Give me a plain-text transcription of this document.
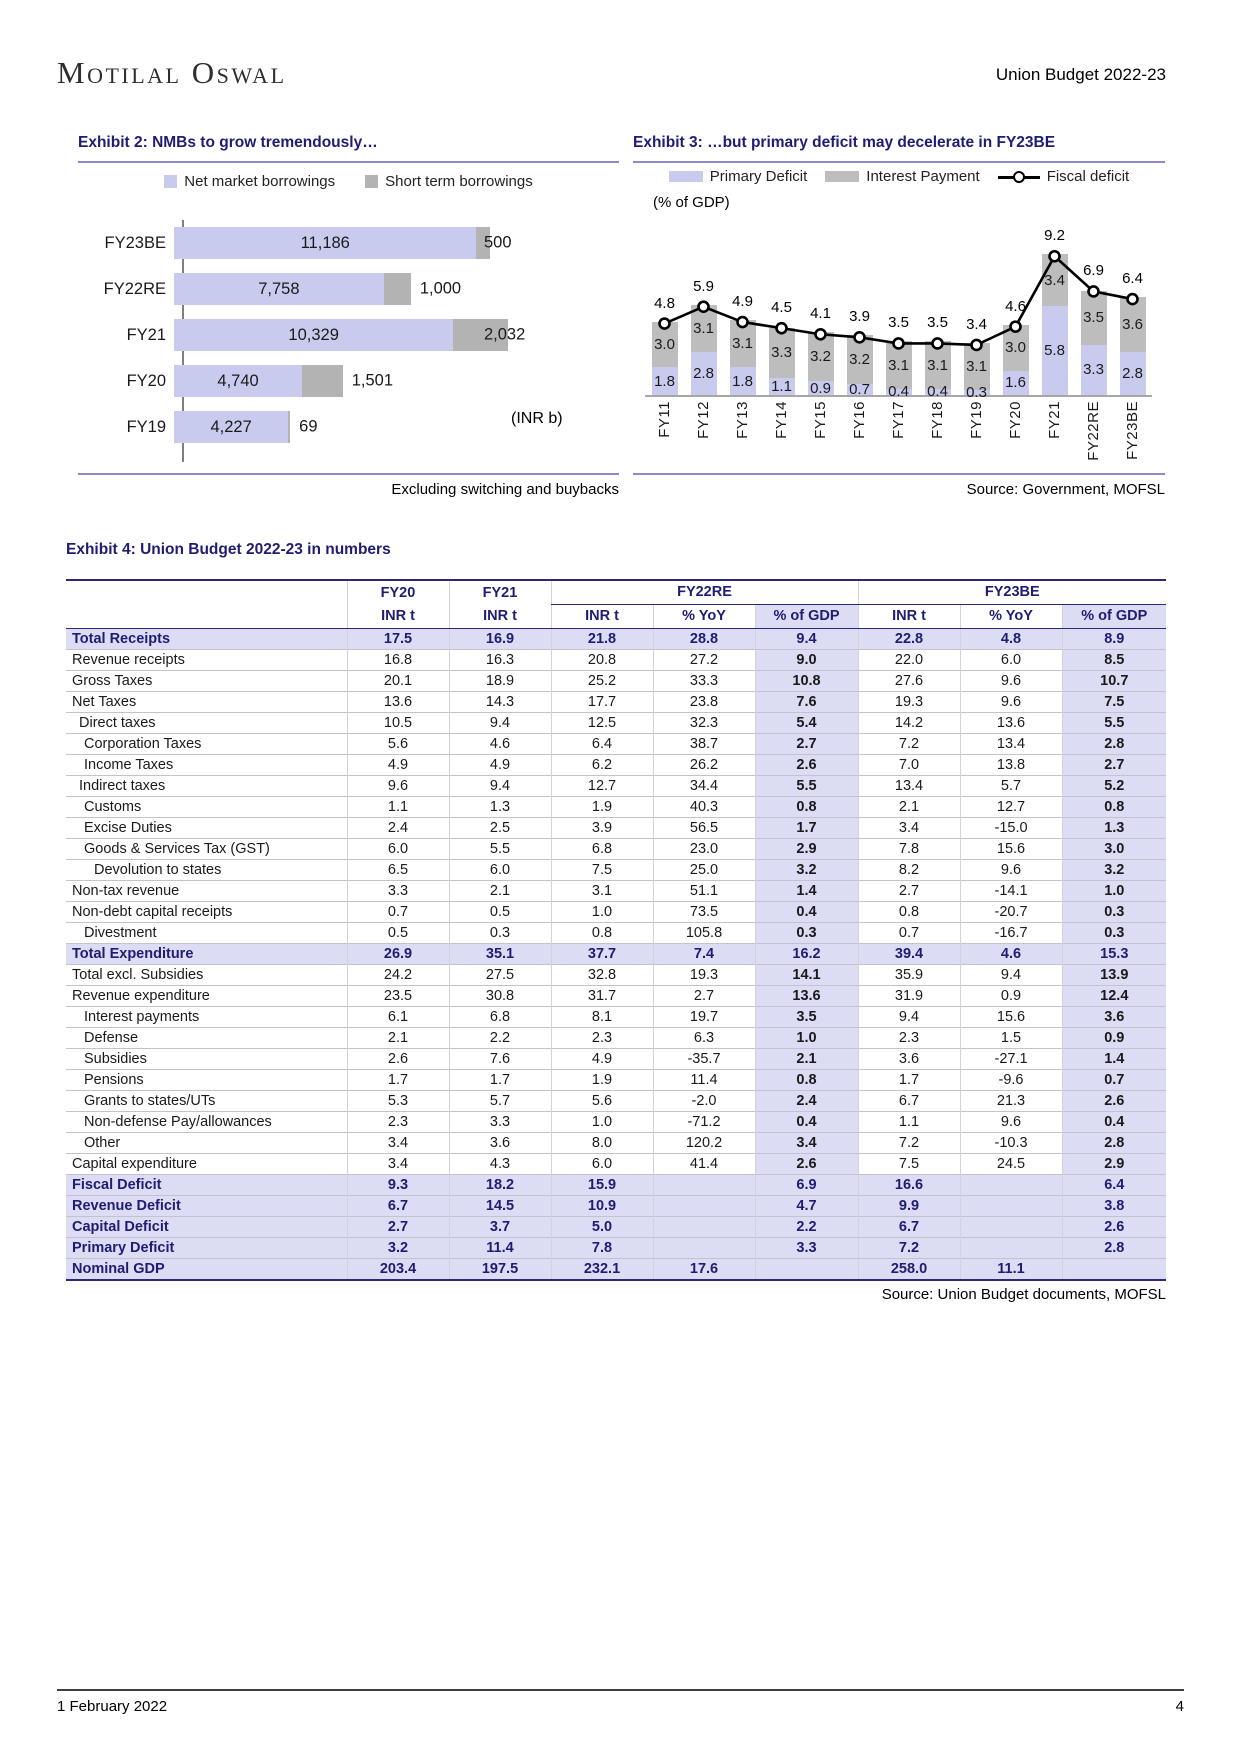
Motilal Oswal	Union Budget 2022-23
Exhibit 2: NMBs to grow tremendously…
Net market borrowings	Short term borrowings
(INR b)
FY23BE	11,186	500
FY22RE	7,758	1,000
FY21	10,329	2,032
FY20	4,740	1,501
FY19	4,227	69
Excluding switching and buybacks
Exhibit 3: …but primary deficit may decelerate in FY23BE
Primary Deficit	Interest Payment	Fiscal deficit
(% of GDP)
3.0
1.8
4.8
3.1
2.8
5.9
3.1
1.8
4.9
3.3
1.1
4.5
3.2
0.9
4.1
3.2
0.7
3.9
3.1
0.4
3.5
3.1
0.4
3.5
3.1
0.3
3.4
3.0
1.6
4.6
3.4
5.8
9.2
3.5
3.3
6.9
3.6
2.8
6.4
FY11 FY12 FY13 FY14 FY15 FY16 FY17 FY18 FY19 FY20 FY21 FY22RE FY23BE
Source: Government, MOFSL
Exhibit 4: Union Budget 2022-23 in numbers
	FY20	FY21	FY22RE			FY23BE		
	INR t	INR t	INR t	% YoY	% of GDP	INR t	% YoY	% of GDP
Total Receipts	17.5	16.9	21.8	28.8	9.4	22.8	4.8	8.9
Revenue receipts	16.8	16.3	20.8	27.2	9.0	22.0	6.0	8.5
Gross Taxes	20.1	18.9	25.2	33.3	10.8	27.6	9.6	10.7
Net Taxes	13.6	14.3	17.7	23.8	7.6	19.3	9.6	7.5
Direct taxes	10.5	9.4	12.5	32.3	5.4	14.2	13.6	5.5
Corporation Taxes	5.6	4.6	6.4	38.7	2.7	7.2	13.4	2.8
Income Taxes	4.9	4.9	6.2	26.2	2.6	7.0	13.8	2.7
Indirect taxes	9.6	9.4	12.7	34.4	5.5	13.4	5.7	5.2
Customs	1.1	1.3	1.9	40.3	0.8	2.1	12.7	0.8
Excise Duties	2.4	2.5	3.9	56.5	1.7	3.4	-15.0	1.3
Goods & Services Tax (GST)	6.0	5.5	6.8	23.0	2.9	7.8	15.6	3.0
Devolution to states	6.5	6.0	7.5	25.0	3.2	8.2	9.6	3.2
Non-tax revenue	3.3	2.1	3.1	51.1	1.4	2.7	-14.1	1.0
Non-debt capital receipts	0.7	0.5	1.0	73.5	0.4	0.8	-20.7	0.3
Divestment	0.5	0.3	0.8	105.8	0.3	0.7	-16.7	0.3
Total Expenditure	26.9	35.1	37.7	7.4	16.2	39.4	4.6	15.3
Total excl. Subsidies	24.2	27.5	32.8	19.3	14.1	35.9	9.4	13.9
Revenue expenditure	23.5	30.8	31.7	2.7	13.6	31.9	0.9	12.4
Interest payments	6.1	6.8	8.1	19.7	3.5	9.4	15.6	3.6
Defense	2.1	2.2	2.3	6.3	1.0	2.3	1.5	0.9
Subsidies	2.6	7.6	4.9	-35.7	2.1	3.6	-27.1	1.4
Pensions	1.7	1.7	1.9	11.4	0.8	1.7	-9.6	0.7
Grants to states/UTs	5.3	5.7	5.6	-2.0	2.4	6.7	21.3	2.6
Non-defense Pay/allowances	2.3	3.3	1.0	-71.2	0.4	1.1	9.6	0.4
Other	3.4	3.6	8.0	120.2	3.4	7.2	-10.3	2.8
Capital expenditure	3.4	4.3	6.0	41.4	2.6	7.5	24.5	2.9
Fiscal Deficit	9.3	18.2	15.9		6.9	16.6		6.4
Revenue Deficit	6.7	14.5	10.9		4.7	9.9		3.8
Capital Deficit	2.7	3.7	5.0		2.2	6.7		2.6
Primary Deficit	3.2	11.4	7.8		3.3	7.2		2.8
Nominal GDP	203.4	197.5	232.1	17.6		258.0	11.1	
Source: Union Budget documents, MOFSL
1 February 2022	4
